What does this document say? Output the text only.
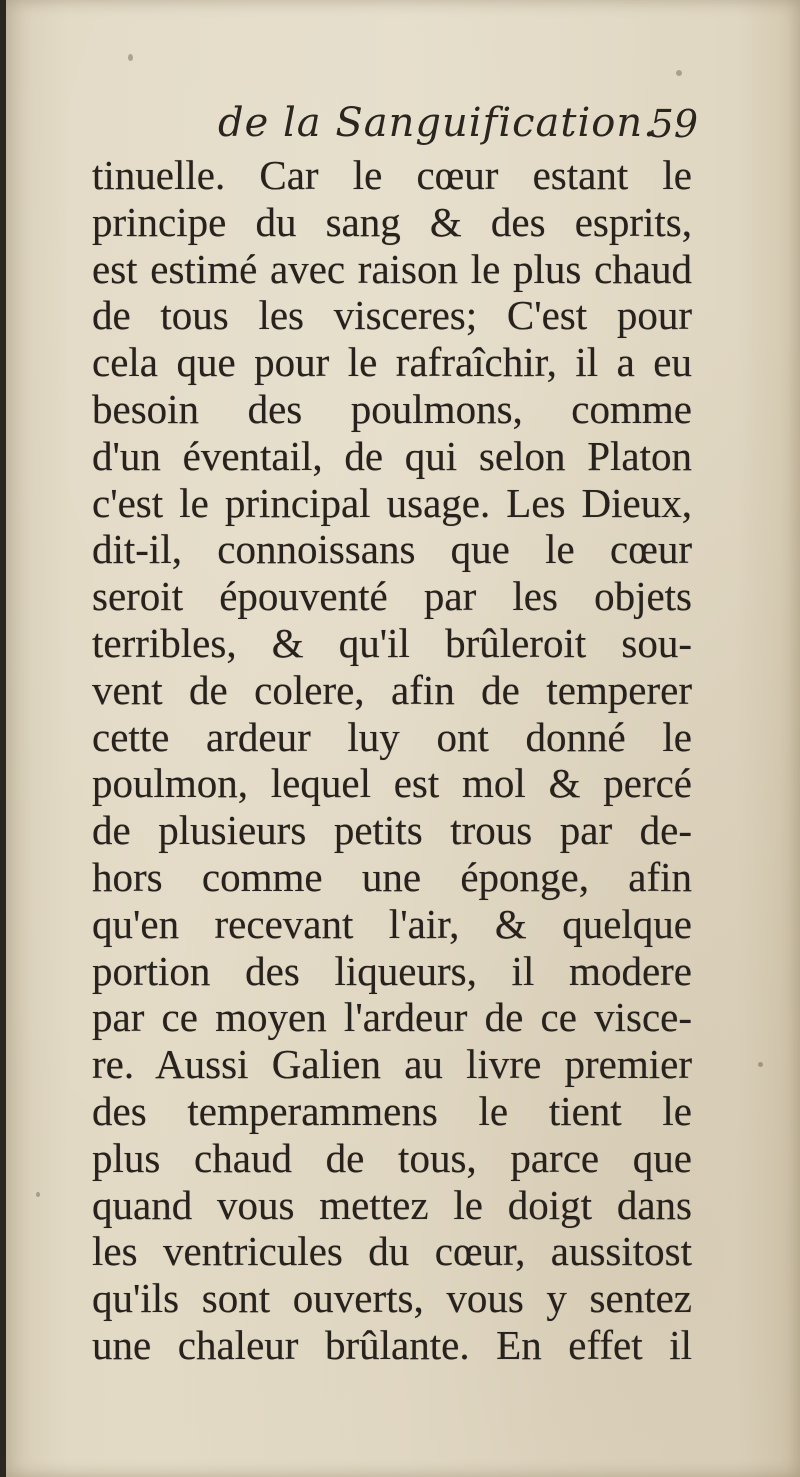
de la Sanguification.
59
tinuelle. Car le cœur estant le
principe du sang & des esprits,
est estimé avec raison le plus chaud
de tous les visceres; C'est pour
cela que pour le rafraîchir, il a eu
besoin des poulmons, comme
d'un éventail, de qui selon Platon
c'est le principal usage. Les Dieux,
dit-il, connoissans que le cœur
seroit épouventé par les objets
terribles, & qu'il brûleroit sou-
vent de colere, afin de temperer
cette ardeur luy ont donné le
poulmon, lequel est mol & percé
de plusieurs petits trous par de-
hors comme une éponge, afin
qu'en recevant l'air, & quelque
portion des liqueurs, il modere
par ce moyen l'ardeur de ce visce-
re. Aussi Galien au livre premier
des temperammens le tient le
plus chaud de tous, parce que
quand vous mettez le doigt dans
les ventricules du cœur, aussitost
qu'ils sont ouverts, vous y sentez
une chaleur brûlante. En effet il
